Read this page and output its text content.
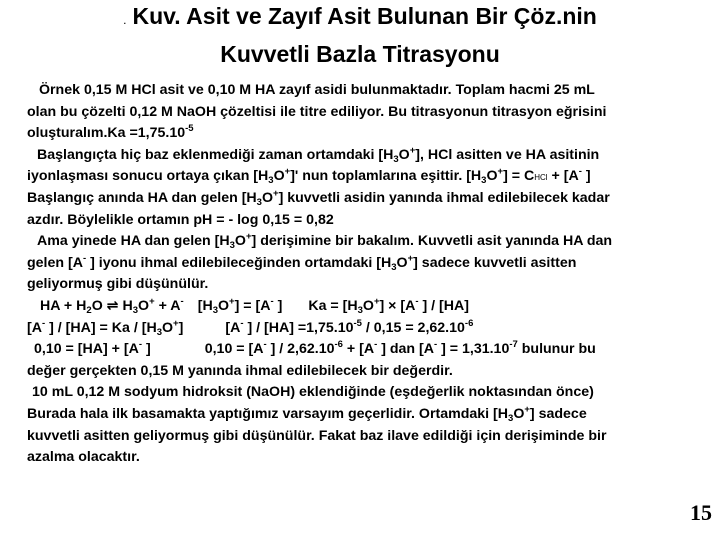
. Kuv. Asit ve Zayıf Asit Bulunan Bir Çöz.nin
Kuvvetli Bazla Titrasyonu
Örnek 0,15 M HCl asit ve 0,10 M HA zayıf asidi bulunmaktadır. Toplam hacmi 25 mL
olan bu çözelti 0,12 M NaOH çözeltisi ile titre ediliyor. Bu titrasyonun titrasyon eğrisini
oluşturalım.Ka $=1,75.10^{-5}$
Başlangıçta hiç baz eklenmediği zaman ortamdaki $[H_3O^+]$, HCl asitten ve HA asitinin
iyonlaşması sonucu ortaya çıkan $[H_3O^+]'$ nun toplamlarına eşittir. $[H_3O^+]$ = CHCl + [A- ]
Başlangıç anında HA dan gelen $[H_3O^+]$ kuvvetli asidin yanında ihmal edilebilecek kadar
azdır. Böylelikle ortamın pH = - log 0,15 = 0,82
Ama yinede HA dan gelen $[H_3O^+]$ derişimine bir bakalım. Kuvvetli asit yanında HA dan
gelen [A- ] iyonu ihmal edilebileceğinden ortamdaki $[H_3O^+]$ sadece kuvvetli asitten
geliyormuş gibi düşünülür.
HA + $H_2O$ ⇌ $H_3O^+ + A^-$ $[H_3O^+] = [A^-$ ] $Ka = [H_3O^+] \times [A^-$ ] / [HA]
[A- ] / $[HA] = Ka / [H_3O^+]$	[A- ] / $[HA] =1,75.10^{-5} / 0,15 = 2,62.10^{-6}$
0,10 = [HA] + [A- ]	0,10 = [A- ] / $2,62.10^{-6} + [A^-$ ] dan [A- ] = $1,31.10^{-7}$ bulunur bu
değer gerçekten 0,15 M yanında ihmal edilebilecek bir değerdir.
10 mL 0,12 M sodyum hidroksit (NaOH) eklendiğinde (eşdeğerlik noktasından önce)
Burada hala ilk basamakta yaptığımız varsayım geçerlidir. Ortamdaki $[H_3O^+]$ sadece
kuvvetli asitten geliyormuş gibi düşünülür. Fakat baz ilave edildiği için derişiminde bir
azalma olacaktır.
15
